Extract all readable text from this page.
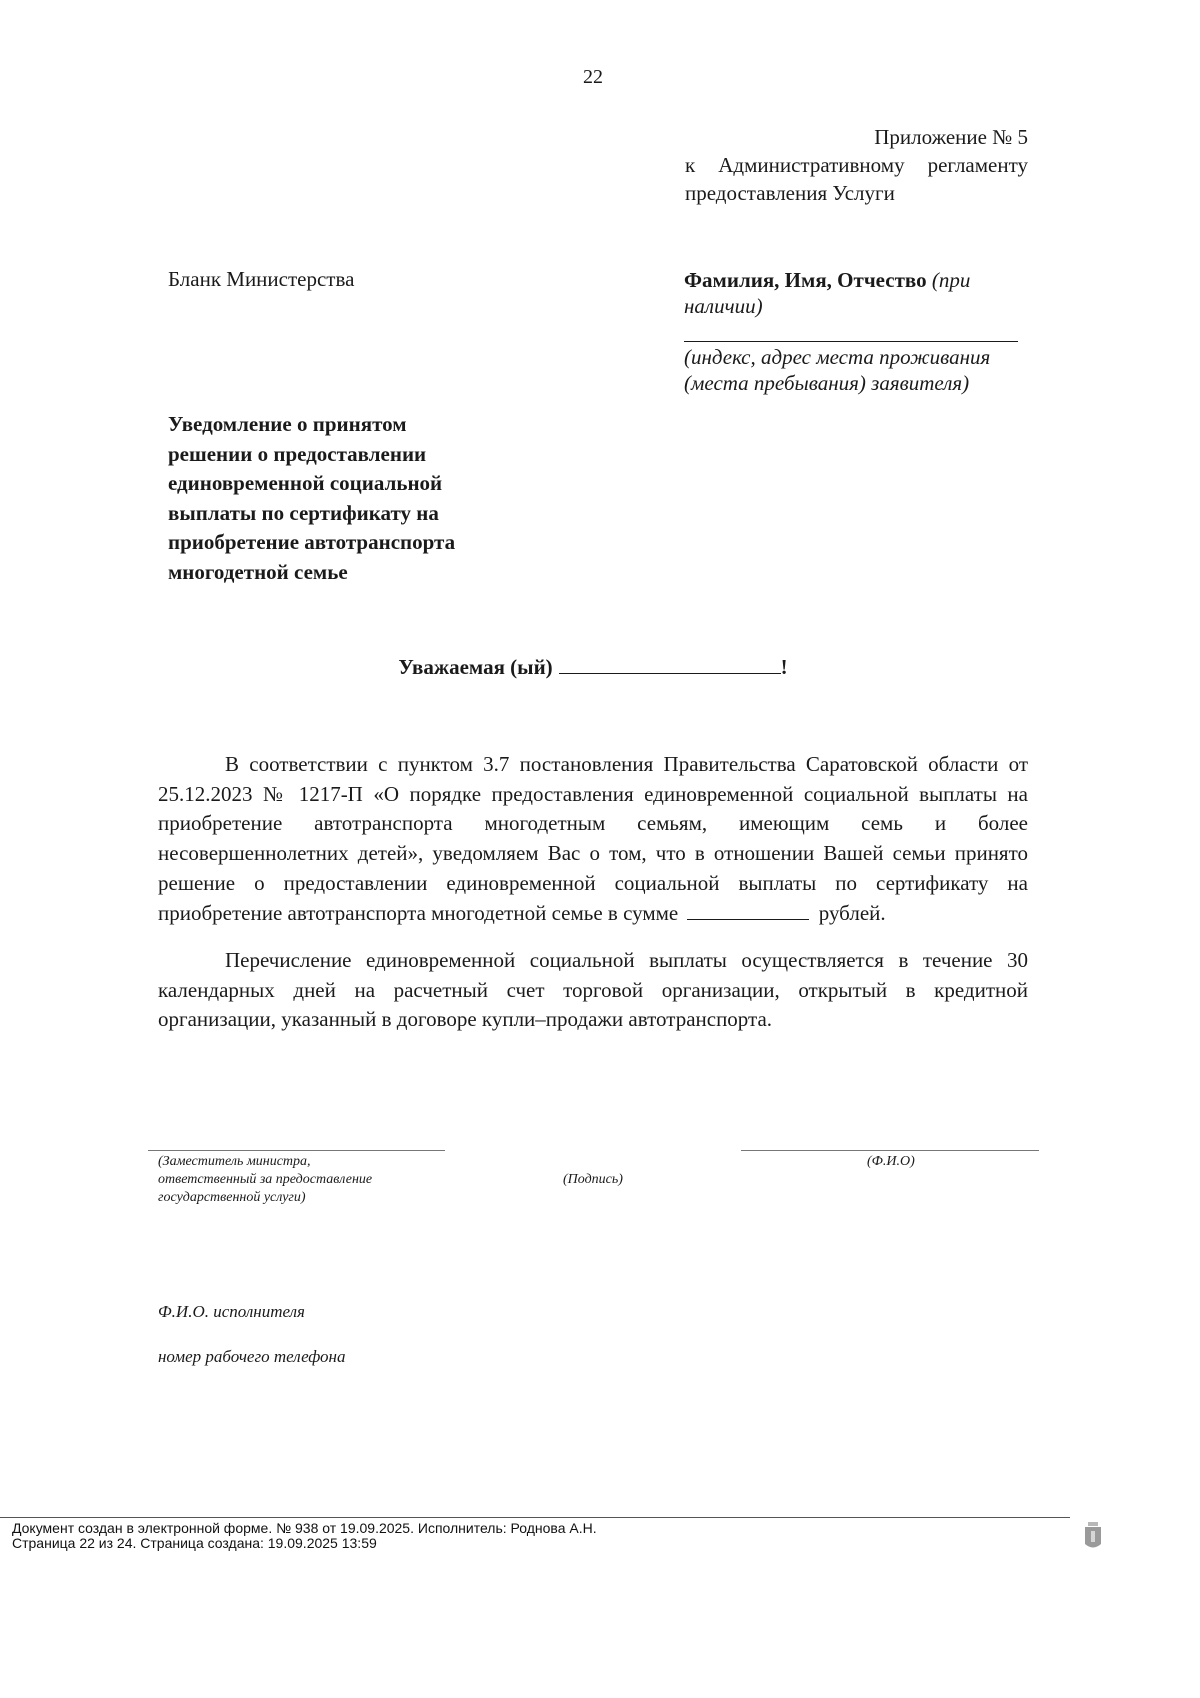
22
Приложение № 5
к Административному регламенту
предоставления Услуги
Бланк Министерства	Фамилия, Имя, Отчество (при
наличии)
(индекс, адрес места проживания
(места пребывания) заявителя)
Уведомление о принятом
решении о предоставлении
единовременной социальной
выплаты по сертификату на
приобретение автотранспорта
многодетной семье
Уважаемая (ый)	!
В соответствии с пунктом 3.7 постановления Правительства Саратовской области от 25.12.2023 № 1217-П «О порядке предоставления единовременной социальной выплаты на приобретение автотранспорта многодетным семьям, имеющим семь и более несовершеннолетних детей», уведомляем Вас о том, что в отношении Вашей семьи принято решение о предоставлении единовременной социальной выплаты по сертификату на приобретение автотранспорта многодетной семье в сумме	рублей.
Перечисление единовременной социальной выплаты осуществляется в течение 30 календарных дней на расчетный счет торговой организации, открытый в кредитной организации, указанный в договоре купли–продажи автотранспорта.
(Заместитель министра,
ответственный за предоставление
государственной услуги)
(Подпись)
(Ф.И.О)
Ф.И.О. исполнителя
номер рабочего телефона
Документ создан в электронной форме. № 938 от 19.09.2025. Исполнитель: Роднова А.Н.
Страница 22 из 24. Страница создана: 19.09.2025 13:59
